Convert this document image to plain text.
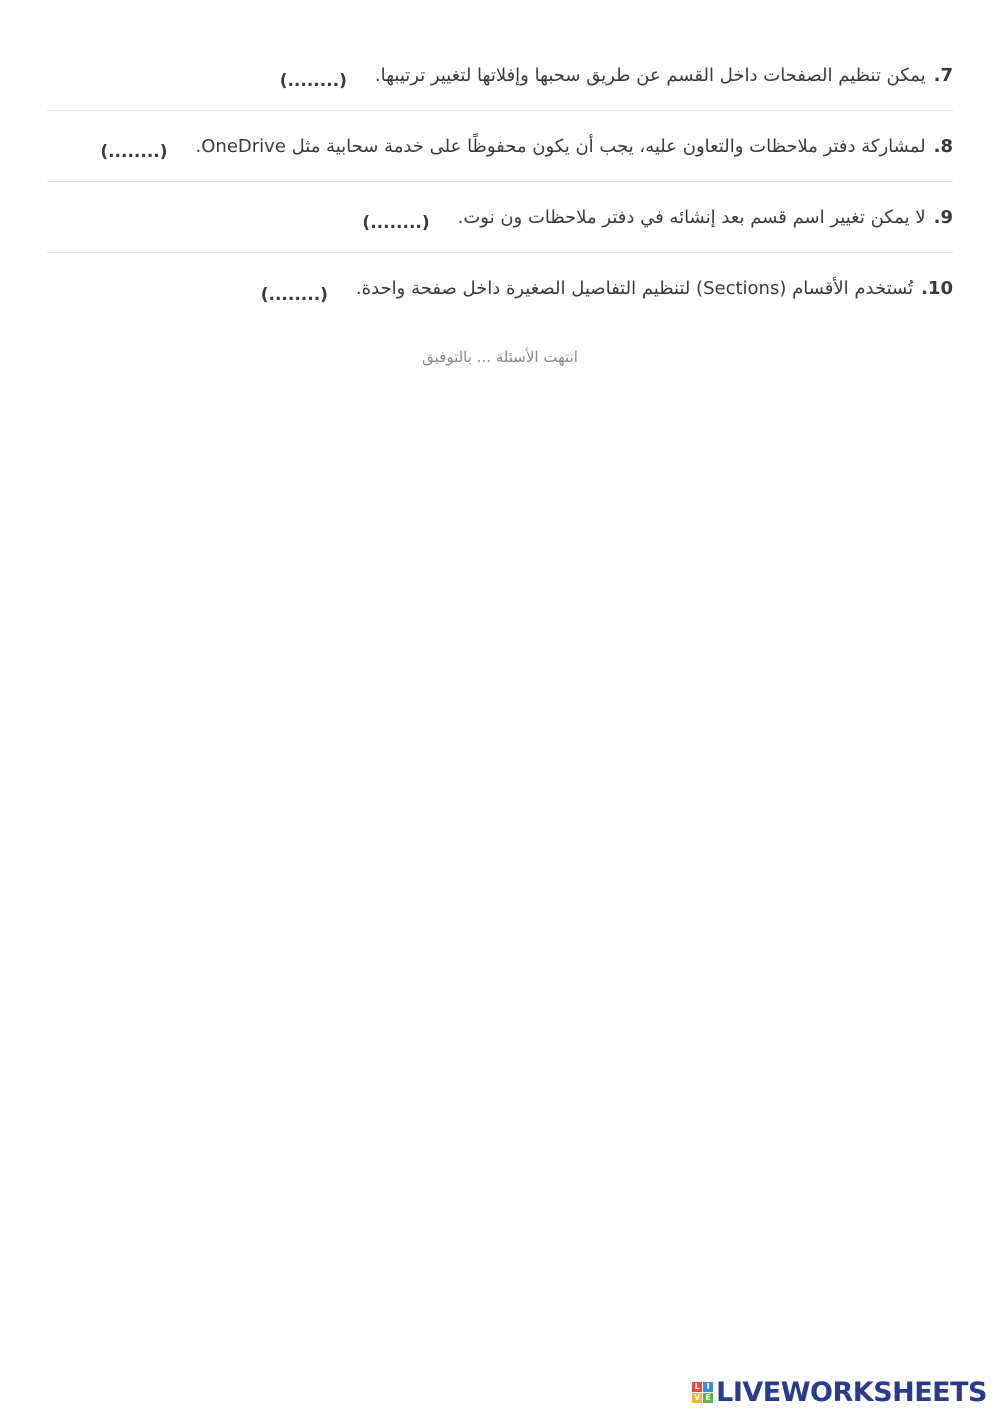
7.
يمكن تنظيم الصفحات داخل القسم عن طريق سحبها وإفلاتها لتغيير ترتيبها.
(........)
8.
لمشاركة دفتر ملاحظات والتعاون عليه، يجب أن يكون محفوظًا على خدمة سحابية مثل OneDrive.
(........)
9.
لا يمكن تغيير اسم قسم بعد إنشائه في دفتر ملاحظات ون نوت.
(........)
10.
تُستخدم الأقسام (Sections) لتنظيم التفاصيل الصغيرة داخل صفحة واحدة.
(........)
انتهت الأسئلة ... بالتوفيق
L I
V E LIVEWORKSHEETS
